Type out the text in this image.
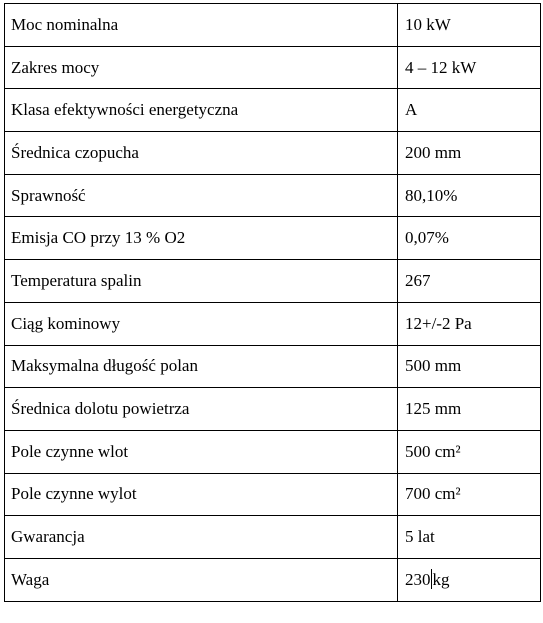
Moc nominalna	10 kW
Zakres mocy	4 – 12 kW
Klasa efektywności energetyczna	A
Średnica czopucha	200 mm
Sprawność	80,10%
Emisja CO przy 13 % O2	0,07%
Temperatura spalin	267
Ciąg kominowy	12+/-2 Pa
Maksymalna długość polan	500 mm
Średnica dolotu powietrza	125 mm
Pole czynne wlot	500 cm²
Pole czynne wylot	700 cm²
Gwarancja	5 lat
Waga	230 kg
